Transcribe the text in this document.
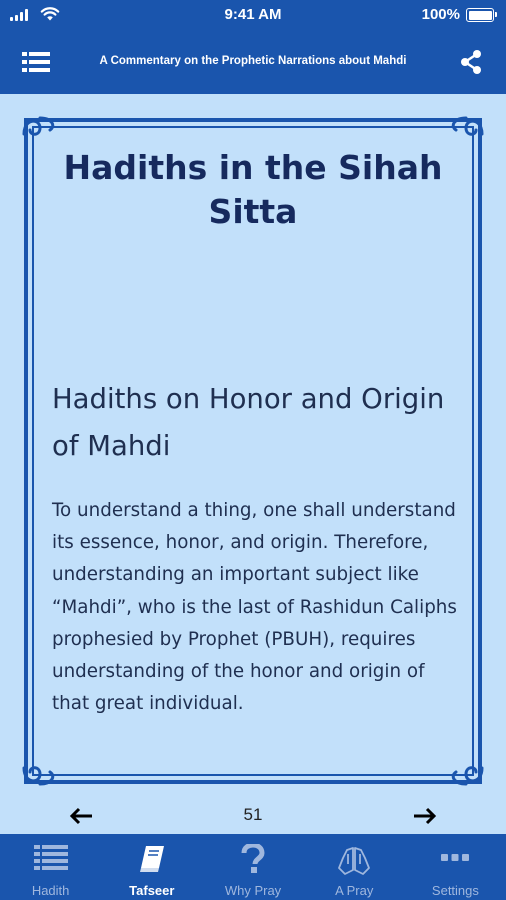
9:41 AM	100%
A Commentary on the Prophetic Narrations about Mahdi
Hadiths in the Sihah Sitta
Hadiths on Honor and Origin of Mahdi
To understand a thing, one shall understand its essence, honor, and origin. Therefore, understanding an important subject like “Mahdi”, who is the last of Rashidun Caliphs prophesied by Prophet (PBUH), requires understanding of the honor and origin of that great individual.
51
Hadith	Tafseer	Why Pray	A Pray	Settings
